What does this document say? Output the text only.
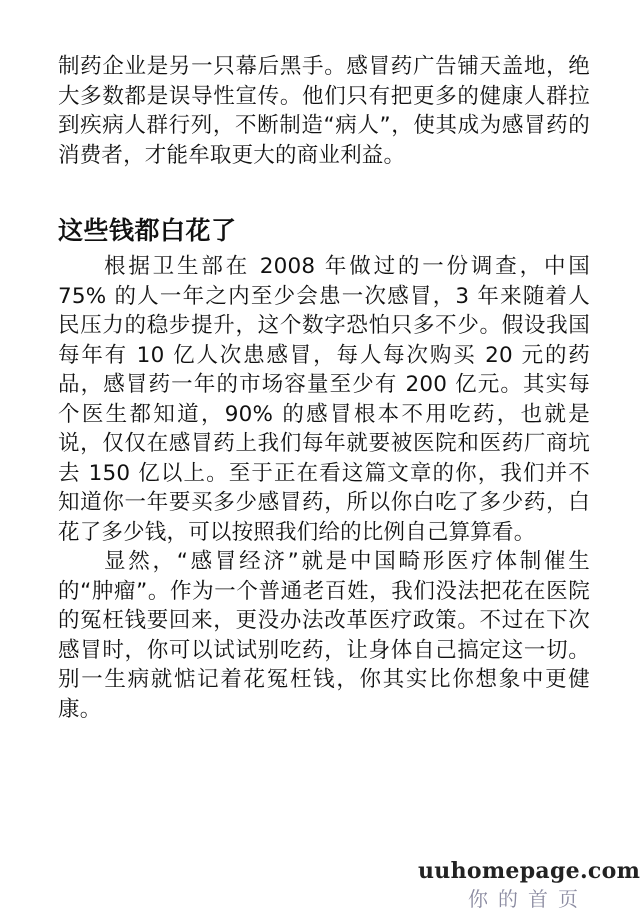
制药企业是另一只幕后黑手。感冒药广告铺天盖地，绝大多数都是误导性宣传。他们只有把更多的健康人群拉到疾病人群行列，不断制造“病人”，使其成为感冒药的消费者，才能牟取更大的商业利益。

这些钱都白花了

根据卫生部在 2008 年做过的一份调查，中国 75% 的人一年之内至少会患一次感冒，3 年来随着人民压力的稳步提升，这个数字恐怕只多不少。假设我国每年有 10 亿人次患感冒，每人每次购买 20 元的药品，感冒药一年的市场容量至少有 200 亿元。其实每个医生都知道，90% 的感冒根本不用吃药，也就是说，仅仅在感冒药上我们每年就要被医院和医药厂商坑去 150 亿以上。至于正在看这篇文章的你，我们并不知道你一年要买多少感冒药，所以你白吃了多少药，白花了多少钱，可以按照我们给的比例自己算算看。

显然，“感冒经济”就是中国畸形医疗体制催生的“肿瘤”。作为一个普通老百姓，我们没法把花在医院的冤枉钱要回来，更没办法改革医疗政策。不过在下次感冒时，你可以试试别吃药，让身体自己搞定这一切。别一生病就惦记着花冤枉钱，你其实比你想象中更健康。

uuhomepage.com
你的首页
